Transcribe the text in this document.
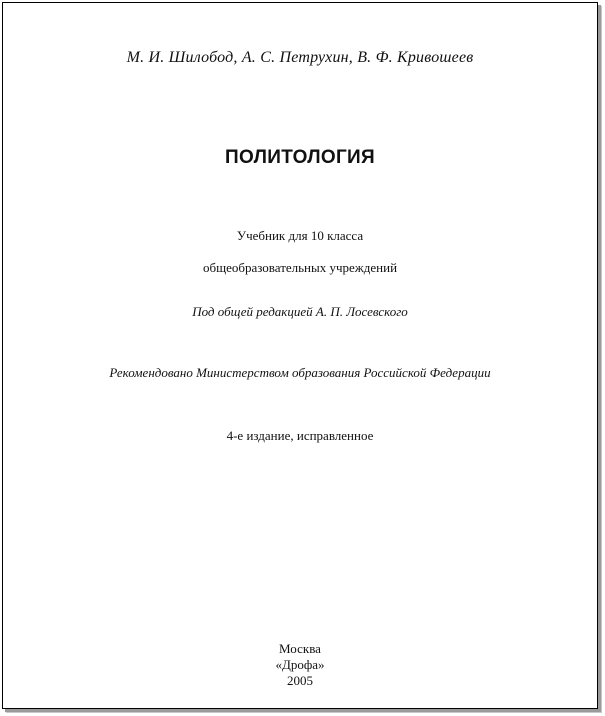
М. И. Шилобод, А. С. Петрухин, В. Ф. Кривошеев
ПОЛИТОЛОГИЯ
Учебник для 10 класса
общеобразовательных учреждений
Под общей редакцией А. П. Лосевского
Рекомендовано Министерством образования Российской Федерации
4-е издание, исправленное
Москва
«Дрофа»
2005
